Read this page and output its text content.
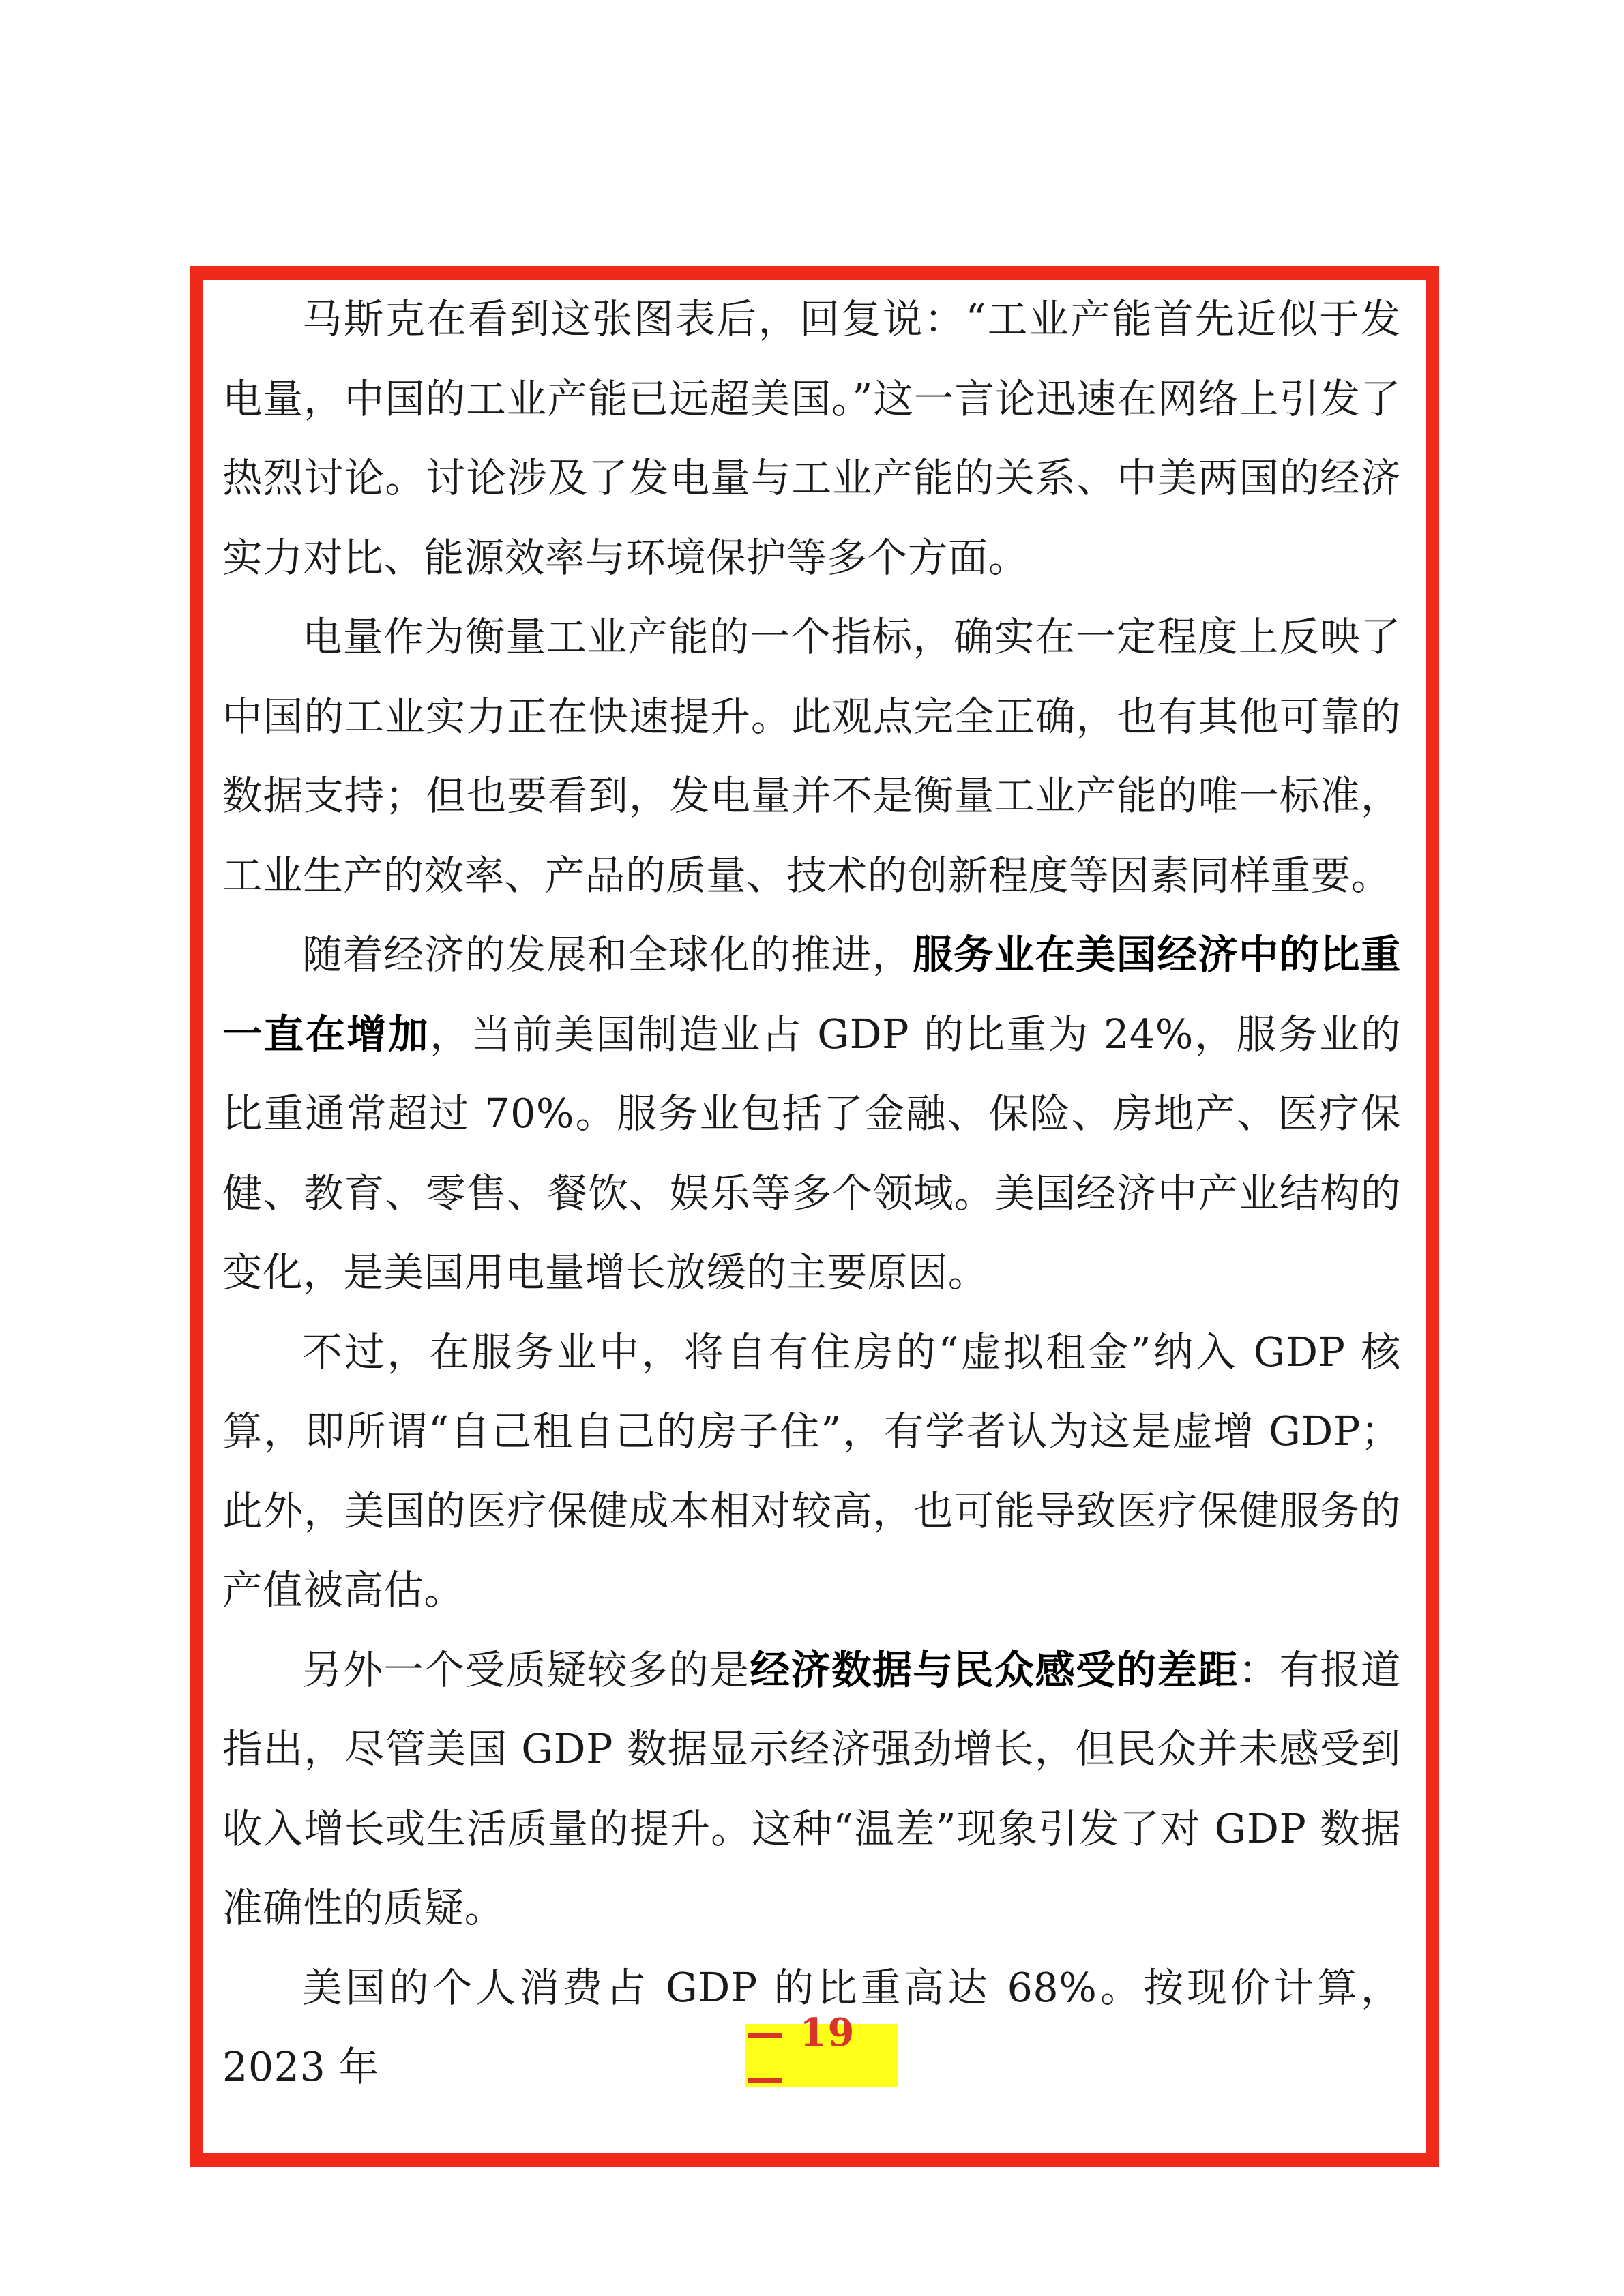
马斯克在看到这张图表后，回复说：“工业产能首先近似于发电量，中国的工业产能已远超美国。”这一言论迅速在网络上引发了热烈讨论。讨论涉及了发电量与工业产能的关系、中美两国的经济实力对比、能源效率与环境保护等多个方面。

电量作为衡量工业产能的一个指标，确实在一定程度上反映了中国的工业实力正在快速提升。此观点完全正确，也有其他可靠的数据支持；但也要看到，发电量并不是衡量工业产能的唯一标准，工业生产的效率、产品的质量、技术的创新程度等因素同样重要。

随着经济的发展和全球化的推进，服务业在美国经济中的比重一直在增加，当前美国制造业占 GDP 的比重为 24%，服务业的比重通常超过 70%。服务业包括了金融、保险、房地产、医疗保健、教育、零售、餐饮、娱乐等多个领域。美国经济中产业结构的变化，是美国用电量增长放缓的主要原因。

不过，在服务业中，将自有住房的“虚拟租金”纳入 GDP 核算，即所谓“自己租自己的房子住”，有学者认为这是虚增 GDP；此外，美国的医疗保健成本相对较高，也可能导致医疗保健服务的产值被高估。

另外一个受质疑较多的是经济数据与民众感受的差距：有报道指出，尽管美国 GDP 数据显示经济强劲增长，但民众并未感受到收入增长或生活质量的提升。这种“温差”现象引发了对 GDP 数据准确性的质疑。

美国的个人消费占 GDP 的比重高达 68%。按现价计算，2023 年

— 19 —
